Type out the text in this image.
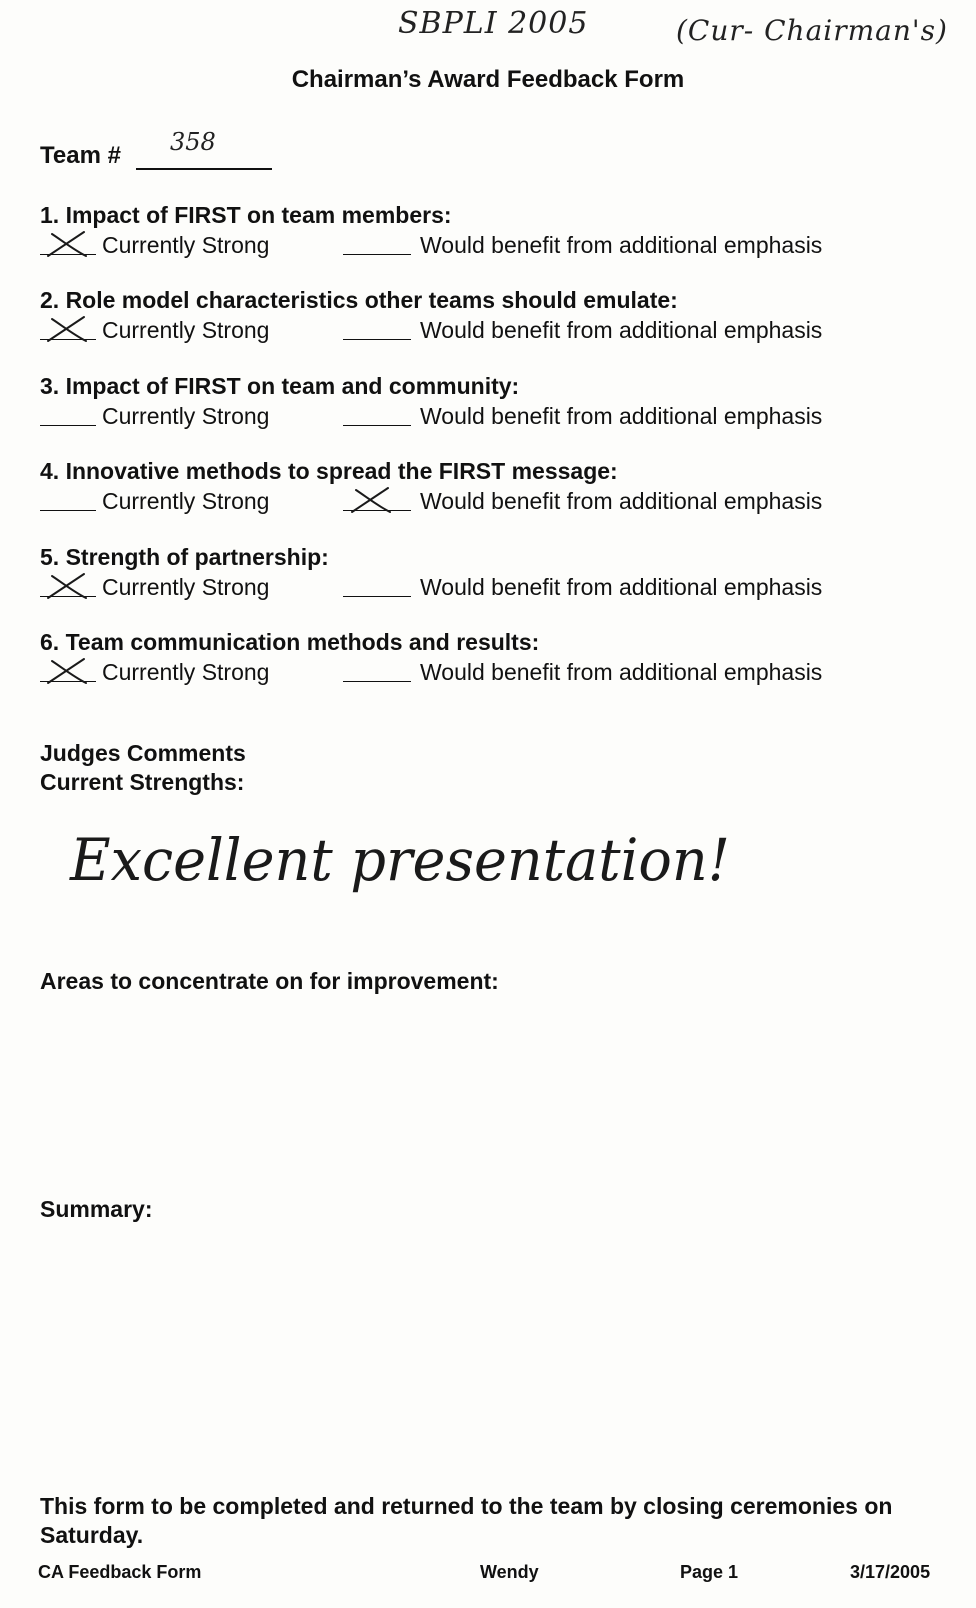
SBPLI 2005	(Cur- Chairman's)
Chairman’s Award Feedback Form
Team # 358
1. Impact of FIRST on team members:
Currently Strong	Would benefit from additional emphasis
2. Role model characteristics other teams should emulate:
Currently Strong	Would benefit from additional emphasis
3. Impact of FIRST on team and community:
Currently Strong	Would benefit from additional emphasis
4. Innovative methods to spread the FIRST message:
Currently Strong	Would benefit from additional emphasis
5. Strength of partnership:
Currently Strong	Would benefit from additional emphasis
6. Team communication methods and results:
Currently Strong	Would benefit from additional emphasis
Judges Comments
Current Strengths:
Excellent presentation!
Areas to concentrate on for improvement:
Summary:
This form to be completed and returned to the team by closing ceremonies on Saturday.
CA Feedback Form	Wendy	Page 1	3/17/2005
